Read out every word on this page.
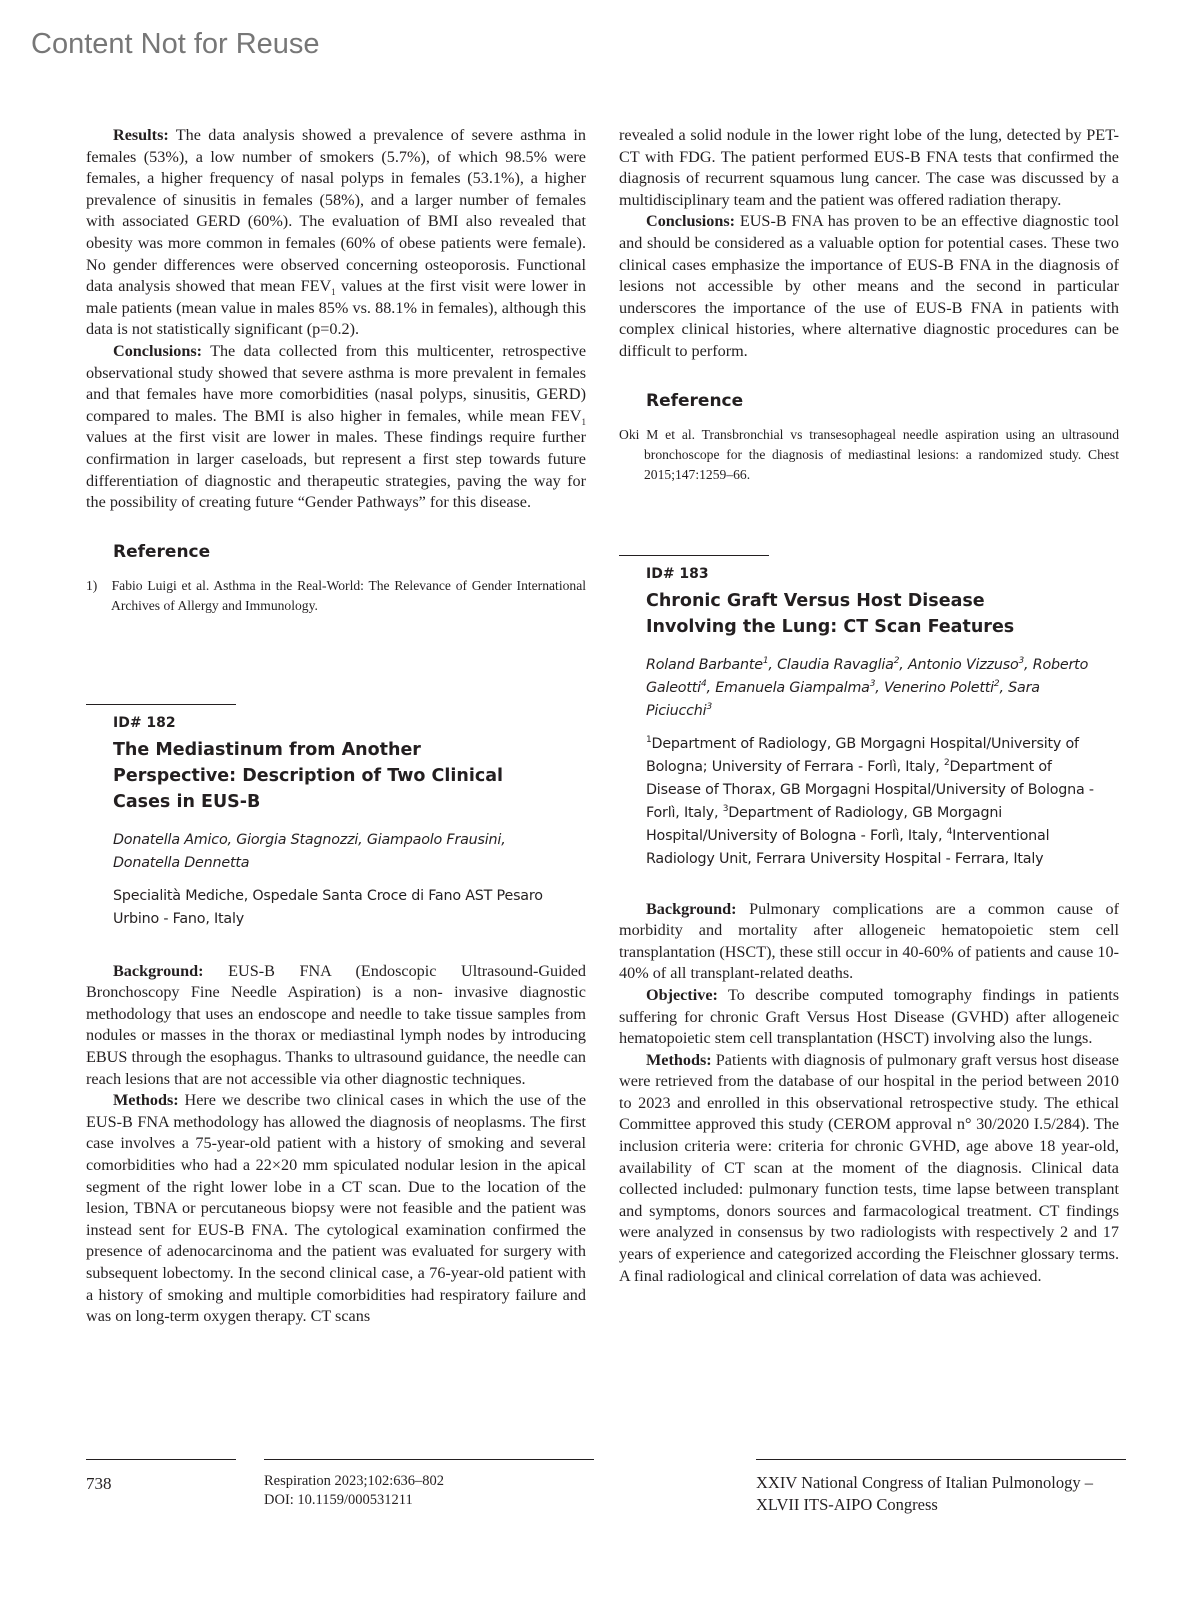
Content Not for Reuse

Results: The data analysis showed a prevalence of severe asthma in females (53%), a low number of smokers (5.7%), of which 98.5% were females, a higher frequency of nasal polyps in females (53.1%), a higher prevalence of sinusitis in females (58%), and a larger number of females with associated GERD (60%). The evaluation of BMI also revealed that obesity was more common in females (60% of obese patients were female). No gender differences were observed concerning osteoporosis. Functional data analysis showed that mean $FEV_1$ values at the first visit were lower in male patients (mean value in males 85% vs. 88.1% in females), although this data is not statistically significant (p=0.2).

Conclusions: The data collected from this multicenter, retrospective observational study showed that severe asthma is more prevalent in females and that females have more comorbidities (nasal polyps, sinusitis, GERD) compared to males. The BMI is also higher in females, while mean $FEV_1$ values at the first visit are lower in males. These findings require further confirmation in larger caseloads, but represent a first step towards future differentiation of diagnostic and therapeutic strategies, paving the way for the possibility of creating future “Gender Pathways” for this disease.

Reference
1)   Fabio Luigi et al. Asthma in the Real-World: The Relevance of Gender International Archives of Allergy and Immunology.
ID# 182
The Mediastinum from Another Perspective: Description of Two Clinical Cases in EUS-B
Donatella Amico, Giorgia Stagnozzi, Giampaolo Frausini, Donatella Dennetta
Specialità Mediche, Ospedale Santa Croce di Fano AST Pesaro Urbino - Fano, Italy

Background: EUS-B FNA (Endoscopic Ultrasound-Guided Bronchoscopy Fine Needle Aspiration) is a non- invasive diagnostic methodology that uses an endoscope and needle to take tissue samples from nodules or masses in the thorax or mediastinal lymph nodes by introducing EBUS through the esophagus. Thanks to ultrasound guidance, the needle can reach lesions that are not accessible via other diagnostic techniques.

Methods: Here we describe two clinical cases in which the use of the EUS-B FNA methodology has allowed the diagnosis of neoplasms. The first case involves a 75-year-old patient with a history of smoking and several comorbidities who had a 22×20 mm spiculated nodular lesion in the apical segment of the right lower lobe in a CT scan. Due to the location of the lesion, TBNA or percutaneous biopsy were not feasible and the patient was instead sent for EUS-B FNA. The cytological examination confirmed the presence of adenocarcinoma and the patient was evaluated for surgery with subsequent lobectomy. In the second clinical case, a 76-year-old patient with a history of smoking and multiple comorbidities had respiratory failure and was on long-term oxygen therapy. CT scans

revealed a solid nodule in the lower right lobe of the lung, detected by PET-CT with FDG. The patient performed EUS-B FNA tests that confirmed the diagnosis of recurrent squamous lung cancer. The case was discussed by a multidisciplinary team and the patient was offered radiation therapy.

Conclusions: EUS-B FNA has proven to be an effective diagnostic tool and should be considered as a valuable option for potential cases. These two clinical cases emphasize the importance of EUS-B FNA in the diagnosis of lesions not accessible by other means and the second in particular underscores the importance of the use of EUS-B FNA in patients with complex clinical histories, where alternative diagnostic procedures can be difficult to perform.

Reference
Oki M et al. Transbronchial vs transesophageal needle aspiration using an ultrasound bronchoscope for the diagnosis of mediastinal lesions: a randomized study. Chest 2015;147:1259–66.
ID# 183
Chronic Graft Versus Host Disease Involving the Lung: CT Scan Features
Roland Barbante$^1$, Claudia Ravaglia$^2$, Antonio Vizzuso$^3$, Roberto Galeotti$^4$, Emanuela Giampalma$^3$, Venerino Poletti$^2$, Sara Piciucchi$^3$
$^1$Department of Radiology, GB Morgagni Hospital/University of Bologna; University of Ferrara - Forlì, Italy, $^2$Department of Disease of Thorax, GB Morgagni Hospital/University of Bologna - Forlì, Italy, $^3$Department of Radiology, GB Morgagni Hospital/University of Bologna - Forlì, Italy, $^4$Interventional Radiology Unit, Ferrara University Hospital - Ferrara, Italy

Background: Pulmonary complications are a common cause of morbidity and mortality after allogeneic hematopoietic stem cell transplantation (HSCT), these still occur in 40-60% of patients and cause 10-40% of all transplant-related deaths.

Objective: To describe computed tomography findings in patients suffering for chronic Graft Versus Host Disease (GVHD) after allogeneic hematopoietic stem cell transplantation (HSCT) involving also the lungs.

Methods: Patients with diagnosis of pulmonary graft versus host disease were retrieved from the database of our hospital in the period between 2010 to 2023 and enrolled in this observational retrospective study. The ethical Committee approved this study (CEROM approval n° 30/2020 I.5/284). The inclusion criteria were: criteria for chronic GVHD, age above 18 year-old, availability of CT scan at the moment of the diagnosis. Clinical data collected included: pulmonary function tests, time lapse between transplant and symptoms, donors sources and farmacological treatment. CT findings were analyzed in consensus by two radiologists with respectively 2 and 17 years of experience and categorized according the Fleischner glossary terms. A final radiological and clinical correlation of data was achieved.

738	Respiration 2023;102:636–802
DOI: 10.1159/000531211
XXIV National Congress of Italian Pulmonology –
XLVII ITS-AIPO Congress
